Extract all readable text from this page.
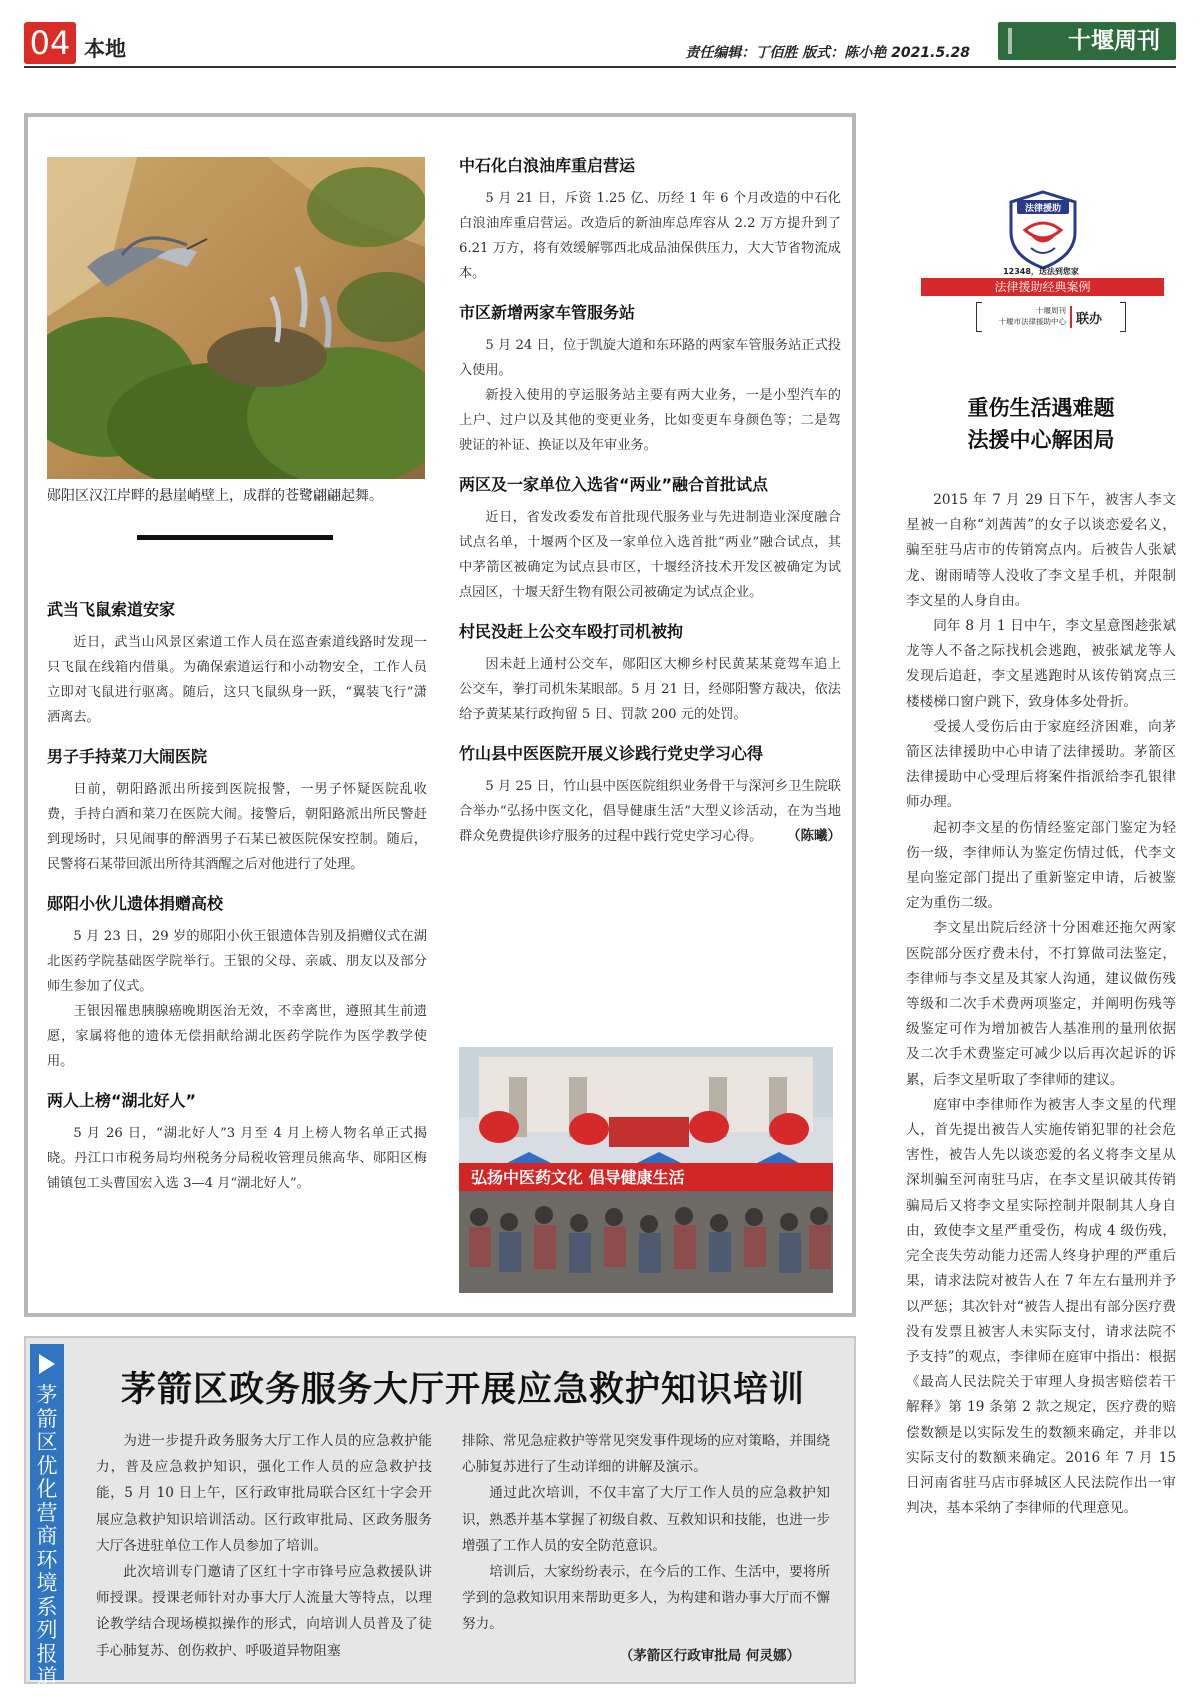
04 本地	责任编辑：丁佰胜 版式：陈小艳 2021.5.28	十堰周刊
郧阳区汉江岸畔的悬崖峭壁上，成群的苍鹭翩翩起舞。
中石化白浪油库重启营运
5 月 21 日，斥资 1.25 亿、历经 1 年 6 个月改造的中石化白浪油库重启营运。改造后的新油库总库容从 2.2 万方提升到了 6.21 万方，将有效缓解鄂西北成品油保供压力，大大节省物流成本。
市区新增两家车管服务站
5 月 24 日，位于凯旋大道和东环路的两家车管服务站正式投入使用。
新投入使用的亨运服务站主要有两大业务，一是小型汽车的上户、过户以及其他的变更业务，比如变更车身颜色等；二是驾驶证的补证、换证以及年审业务。
两区及一家单位入选省“两业”融合首批试点
近日，省发改委发布首批现代服务业与先进制造业深度融合试点名单，十堰两个区及一家单位入选首批“两业”融合试点，其中茅箭区被确定为试点县市区，十堰经济技术开发区被确定为试点园区，十堰天舒生物有限公司被确定为试点企业。
村民没赶上公交车殴打司机被拘
因未赶上通村公交车，郧阳区大柳乡村民黄某某竟驾车追上公交车，拳打司机朱某眼部。5 月 21 日，经郧阳警方裁决，依法给予黄某某行政拘留 5 日、罚款 200 元的处罚。
竹山县中医医院开展义诊践行党史学习心得
5 月 25 日，竹山县中医医院组织业务骨干与深河乡卫生院联合举办“弘扬中医文化，倡导健康生活”大型义诊活动，在为当地群众免费提供诊疗服务的过程中践行党史学习心得。	（陈曦）
武当飞鼠索道安家
近日，武当山风景区索道工作人员在巡查索道线路时发现一只飞鼠在线箱内借巢。为确保索道运行和小动物安全，工作人员立即对飞鼠进行驱离。随后，这只飞鼠纵身一跃，“翼装飞行”潇洒离去。
男子手持菜刀大闹医院
日前，朝阳路派出所接到医院报警，一男子怀疑医院乱收费，手持白酒和菜刀在医院大闹。接警后，朝阳路派出所民警赶到现场时，只见闹事的醉酒男子石某已被医院保安控制。随后，民警将石某带回派出所待其酒醒之后对他进行了处理。
郧阳小伙儿遗体捐赠高校
5 月 23 日，29 岁的郧阳小伙王银遗体告别及捐赠仪式在湖北医药学院基础医学院举行。王银的父母、亲戚、朋友以及部分师生参加了仪式。
王银因罹患胰腺癌晚期医治无效，不幸离世，遵照其生前遗愿，家属将他的遗体无偿捐献给湖北医药学院作为医学教学使用。
两人上榜“湖北好人”
5 月 26 日，“湖北好人”3 月至 4 月上榜人物名单正式揭晓。丹江口市税务局均州税务分局税收管理员熊高华、郧阳区梅铺镇包工头曹国宏入选 3—4 月“湖北好人”。	弘扬中医药文化 倡导健康生活
茅箭区优化营商环境系列报道
茅箭区政务服务大厅开展应急救护知识培训
为进一步提升政务服务大厅工作人员的应急救护能力，普及应急救护知识，强化工作人员的应急救护技能，5 月 10 日上午，区行政审批局联合区红十字会开展应急救护知识培训活动。区行政审批局、区政务服务大厅各进驻单位工作人员参加了培训。
此次培训专门邀请了区红十字市锋号应急救援队讲师授课。授课老师针对办事大厅人流量大等特点，以理论教学结合现场模拟操作的形式，向培训人员普及了徒手心肺复苏、创伤救护、呼吸道异物阻塞
排除、常见急症救护等常见突发事件现场的应对策略，并围绕心肺复苏进行了生动详细的讲解及演示。
通过此次培训，不仅丰富了大厅工作人员的应急救护知识，熟悉并基本掌握了初级自救、互救知识和技能，也进一步增强了工作人员的安全防范意识。
培训后，大家纷纷表示，在今后的工作、生活中，要将所学到的急救知识用来帮助更多人，为构建和谐办事大厅而不懈努力。
（茅箭区行政审批局 何灵娜）
法律援助
12348，送法到您家
法律援助经典案例
十堰周刊
十堰市法律援助中心 联办
重伤生活遇难题
法援中心解困局
2015 年 7 月 29 日下午，被害人李文星被一自称“刘茜茜”的女子以谈恋爱名义，骗至驻马店市的传销窝点内。后被告人张斌龙、谢雨晴等人没收了李文星手机，并限制李文星的人身自由。
同年 8 月 1 日中午，李文星意图趁张斌龙等人不备之际找机会逃跑，被张斌龙等人发现后追赶，李文星逃跑时从该传销窝点三楼楼梯口窗户跳下，致身体多处骨折。
受援人受伤后由于家庭经济困难，向茅箭区法律援助中心申请了法律援助。茅箭区法律援助中心受理后将案件指派给李孔银律师办理。
起初李文星的伤情经鉴定部门鉴定为轻伤一级，李律师认为鉴定伤情过低，代李文星向鉴定部门提出了重新鉴定申请，后被鉴定为重伤二级。
李文星出院后经济十分困难还拖欠两家医院部分医疗费未付，不打算做司法鉴定，李律师与李文星及其家人沟通，建议做伤残等级和二次手术费两项鉴定，并阐明伤残等级鉴定可作为增加被告人基准刑的量刑依据及二次手术费鉴定可减少以后再次起诉的诉累，后李文星听取了李律师的建议。
庭审中李律师作为被害人李文星的代理人，首先提出被告人实施传销犯罪的社会危害性，被告人先以谈恋爱的名义将李文星从深圳骗至河南驻马店，在李文星识破其传销骗局后又将李文星实际控制并限制其人身自由，致使李文星严重受伤，构成 4 级伤残，完全丧失劳动能力还需人终身护理的严重后果，请求法院对被告人在 7 年左右量刑并予以严惩；其次针对“被告人提出有部分医疗费没有发票且被害人未实际支付，请求法院不予支持”的观点，李律师在庭审中指出：根据《最高人民法院关于审理人身损害赔偿若干解释》第 19 条第 2 款之规定，医疗费的赔偿数额是以实际发生的数额来确定，并非以实际支付的数额来确定。2016 年 7 月 15 日河南省驻马店市驿城区人民法院作出一审判决，基本采纳了李律师的代理意见。
